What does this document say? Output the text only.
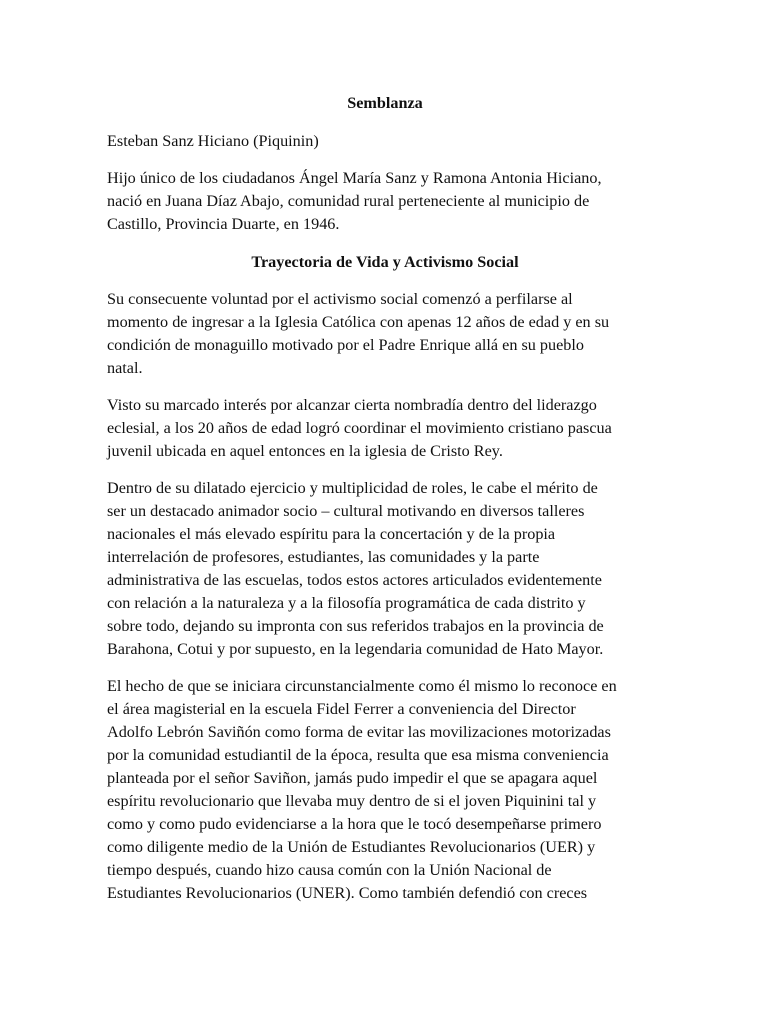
Semblanza
Esteban Sanz Hiciano (Piquinin)
Hijo único de los ciudadanos Ángel María Sanz y Ramona Antonia Hiciano,
nació en Juana Díaz Abajo, comunidad rural perteneciente al municipio de
Castillo, Provincia Duarte, en 1946.
Trayectoria de Vida y Activismo Social
Su consecuente voluntad por el activismo social comenzó a perfilarse al
momento de ingresar a la Iglesia Católica con apenas 12 años de edad y en su
condición de monaguillo motivado por el Padre Enrique allá en su pueblo
natal.
Visto su marcado interés por alcanzar cierta nombradía dentro del liderazgo
eclesial, a los 20 años de edad logró coordinar el movimiento cristiano pascua
juvenil ubicada en aquel entonces en la iglesia de Cristo Rey.
Dentro de su dilatado ejercicio y multiplicidad de roles, le cabe el mérito de
ser un destacado animador socio – cultural motivando en diversos talleres
nacionales el más elevado espíritu para la concertación y de la propia
interrelación de profesores, estudiantes, las comunidades y la parte
administrativa de las escuelas, todos estos actores articulados evidentemente
con relación a la naturaleza y a la filosofía programática de cada distrito y
sobre todo, dejando su impronta con sus referidos trabajos en la provincia de
Barahona, Cotui y por supuesto, en la legendaria comunidad de Hato Mayor.
El hecho de que se iniciara circunstancialmente como él mismo lo reconoce en
el área magisterial en la escuela Fidel Ferrer a conveniencia del Director
Adolfo Lebrón Saviñón como forma de evitar las movilizaciones motorizadas
por la comunidad estudiantil de la época, resulta que esa misma conveniencia
planteada por el señor Saviñon, jamás pudo impedir el que se apagara aquel
espíritu revolucionario que llevaba muy dentro de si el joven Piquinini tal y
como y como pudo evidenciarse a la hora que le tocó desempeñarse primero
como diligente medio de la Unión de Estudiantes Revolucionarios (UER) y
tiempo después, cuando hizo causa común con la Unión Nacional de
Estudiantes Revolucionarios (UNER). Como también defendió con creces
